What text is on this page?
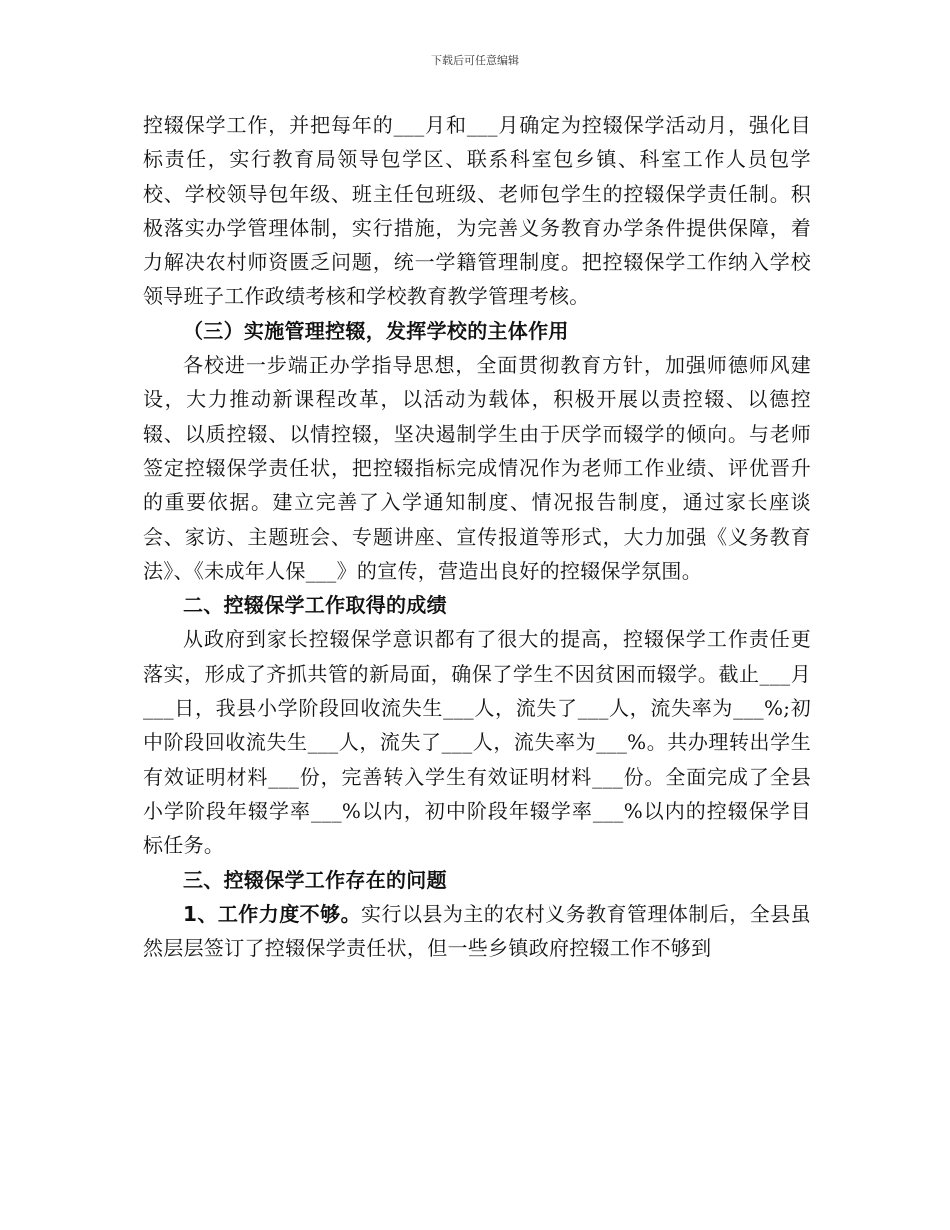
下载后可任意编辑

控辍保学工作，并把每年的___月和___月确定为控辍保学活动月，强化目标责任，实行教育局领导包学区、联系科室包乡镇、科室工作人员包学校、学校领导包年级、班主任包班级、老师包学生的控辍保学责任制。积极落实办学管理体制，实行措施，为完善义务教育办学条件提供保障，着力解决农村师资匮乏问题，统一学籍管理制度。把控辍保学工作纳入学校领导班子工作政绩考核和学校教育教学管理考核。

（三）实施管理控辍，发挥学校的主体作用

各校进一步端正办学指导思想，全面贯彻教育方针，加强师德师风建设，大力推动新课程改革，以活动为载体，积极开展以责控辍、以德控辍、以质控辍、以情控辍，坚决遏制学生由于厌学而辍学的倾向。与老师签定控辍保学责任状，把控辍指标完成情况作为老师工作业绩、评优晋升的重要依据。建立完善了入学通知制度、情况报告制度，通过家长座谈会、家访、主题班会、专题讲座、宣传报道等形式，大力加强《义务教育法》、《未成年人保___》的宣传，营造出良好的控辍保学氛围。

二、控辍保学工作取得的成绩

从政府到家长控辍保学意识都有了很大的提高，控辍保学工作责任更落实，形成了齐抓共管的新局面，确保了学生不因贫困而辍学。截止___月___日，我县小学阶段回收流失生___人，流失了___人，流失率为___%;初中阶段回收流失生___人，流失了___人，流失率为___%。共办理转出学生有效证明材料___份，完善转入学生有效证明材料___份。全面完成了全县小学阶段年辍学率___%以内，初中阶段年辍学率___%以内的控辍保学目标任务。

三、控辍保学工作存在的问题

1、工作力度不够。实行以县为主的农村义务教育管理体制后，全县虽然层层签订了控辍保学责任状，但一些乡镇政府控辍工作不够到
